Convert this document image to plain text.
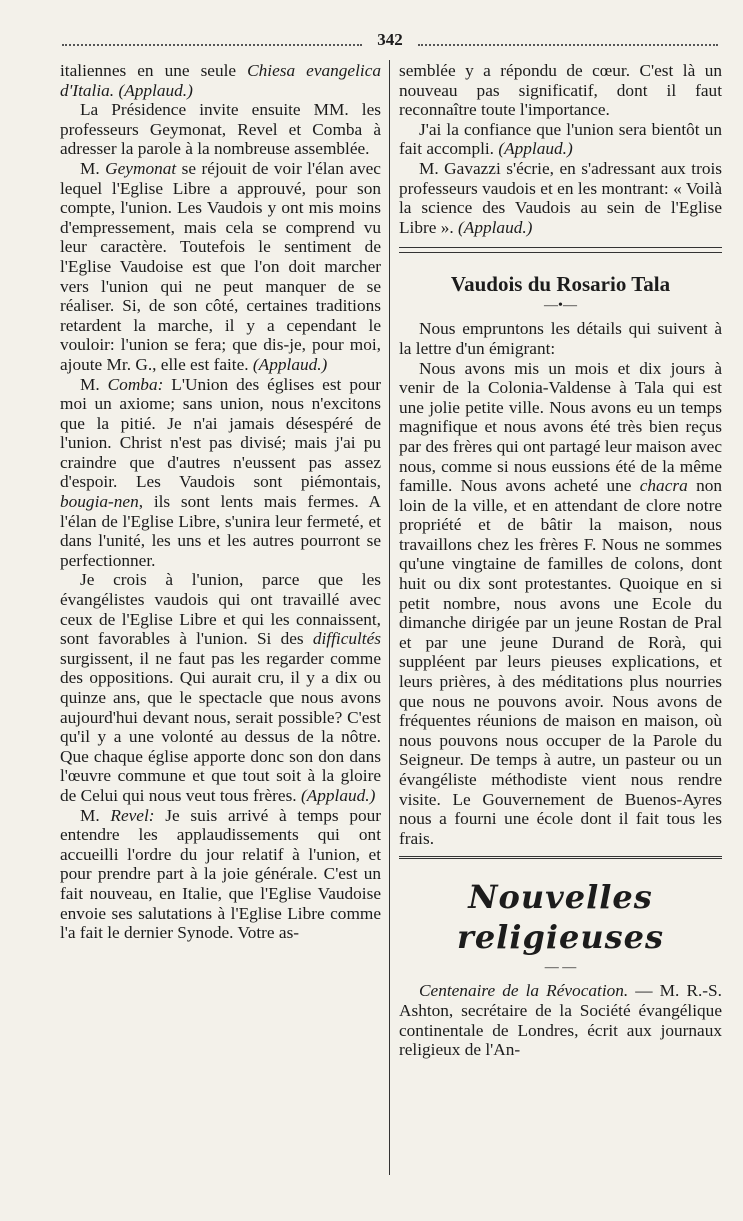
342

italiennes en une seule Chiesa evangelica d'Italia. (Applaud.)

La Présidence invite ensuite MM. les professeurs Geymonat, Revel et Comba à adresser la parole à la nombreuse assemblée.

M. Geymonat se réjouit de voir l'élan avec lequel l'Eglise Libre a approuvé, pour son compte, l'union. Les Vaudois y ont mis moins d'empressement, mais cela se comprend vu leur caractère. Toutefois le sentiment de l'Eglise Vaudoise est que l'on doit marcher vers l'union qui ne peut manquer de se réaliser. Si, de son côté, certaines traditions retardent la marche, il y a cependant le vouloir: l'union se fera; que dis-je, pour moi, ajoute Mr. G., elle est faite. (Applaud.)

M. Comba: L'Union des églises est pour moi un axiome; sans union, nous n'excitons que la pitié. Je n'ai jamais désespéré de l'union. Christ n'est pas divisé; mais j'ai pu craindre que d'autres n'eussent pas assez d'espoir. Les Vaudois sont piémontais, bougia-nen, ils sont lents mais fermes. A l'élan de l'Eglise Libre, s'unira leur fermeté, et dans l'unité, les uns et les autres pourront se perfectionner.

Je crois à l'union, parce que les évangélistes vaudois qui ont travaillé avec ceux de l'Eglise Libre et qui les connaissent, sont favorables à l'union. Si des difficultés surgissent, il ne faut pas les regarder comme des oppositions. Qui aurait cru, il y a dix ou quinze ans, que le spectacle que nous avons aujourd'hui devant nous, serait possible? C'est qu'il y a une volonté au dessus de la nôtre. Que chaque église apporte donc son don dans l'œuvre commune et que tout soit à la gloire de Celui qui nous veut tous frères. (Applaud.)

M. Revel: Je suis arrivé à temps pour entendre les applaudissements qui ont accueilli l'ordre du jour relatif à l'union, et pour prendre part à la joie générale. C'est un fait nouveau, en Italie, que l'Eglise Vaudoise envoie ses salutations à l'Eglise Libre comme l'a fait le dernier Synode. Votre as-

semblée y a répondu de cœur. C'est là un nouveau pas significatif, dont il faut reconnaître toute l'importance.

J'ai la confiance que l'union sera bientôt un fait accompli. (Applaud.)

M. Gavazzi s'écrie, en s'adressant aux trois professeurs vaudois et en les montrant: « Voilà la science des Vaudois au sein de l'Eglise Libre ». (Applaud.)

Vaudois du Rosario Tala
—•—

Nous empruntons les détails qui suivent à la lettre d'un émigrant:

Nous avons mis un mois et dix jours à venir de la Colonia-Valdense à Tala qui est une jolie petite ville. Nous avons eu un temps magnifique et nous avons été très bien reçus par des frères qui ont partagé leur maison avec nous, comme si nous eussions été de la même famille. Nous avons acheté une chacra non loin de la ville, et en attendant de clore notre propriété et de bâtir la maison, nous travaillons chez les frères F. Nous ne sommes qu'une vingtaine de familles de colons, dont huit ou dix sont protestantes. Quoique en si petit nombre, nous avons une Ecole du dimanche dirigée par un jeune Rostan de Pral et par une jeune Durand de Rorà, qui suppléent par leurs pieuses explications, et leurs prières, à des méditations plus nourries que nous ne pouvons avoir. Nous avons de fréquentes réunions de maison en maison, où nous pouvons nous occuper de la Parole du Seigneur. De temps à autre, un pasteur ou un évangéliste méthodiste vient nous rendre visite. Le Gouvernement de Buenos-Ayres nous a fourni une école dont il fait tous les frais.

Nouvelles religieuses
— —

Centenaire de la Révocation. — M. R.-S. Ashton, secrétaire de la Société évangélique continentale de Londres, écrit aux journaux religieux de l'An-
